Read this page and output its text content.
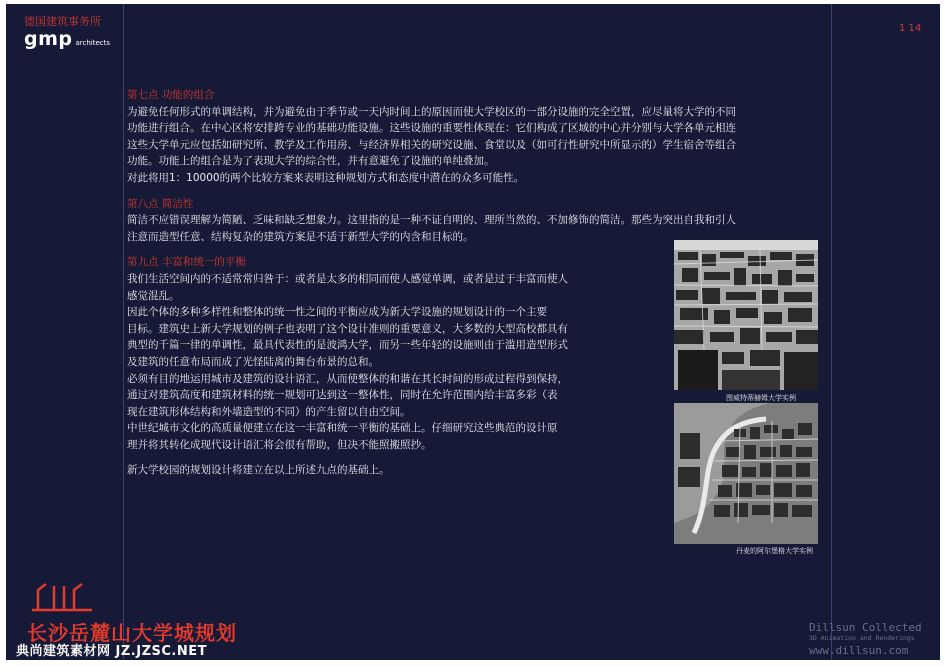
德国建筑事务所
gmp architects
1 14
第七点 功能的组合

为避免任何形式的单调结构，并为避免由于季节或一天内时间上的原因而使大学校区的一部分设施的完全空置，应尽量将大学的不同

功能进行组合。在中心区将安排跨专业的基础功能设施。这些设施的重要性体现在：它们构成了区域的中心并分别与大学各单元相连

这些大学单元应包括如研究所、教学及工作用房、与经济界相关的研究设施、食堂以及（如可行性研究中所显示的）学生宿舍等组合

功能。功能上的组合是为了表现大学的综合性，并有意避免了设施的单纯叠加。

对此将用1：10000的两个比较方案来表明这种规划方式和态度中潜在的众多可能性。

第八点 简洁性

简洁不应错误理解为简陋、乏味和缺乏想象力。这里指的是一种不证自明的、理所当然的、不加修饰的简洁。那些为突出自我和引人

注意而造型任意、结构复杂的建筑方案是不适于新型大学的内含和目标的。

第九点 丰富和统一的平衡

我们生活空间内的不适常常归咎于：或者是太多的相同而使人感觉单调，或者是过于丰富而使人

感觉混乱。

因此个体的多种多样性和整体的统一性之间的平衡应成为新大学设施的规划设计的一个主要

目标。建筑史上新大学规划的例子也表明了这个设计准则的重要意义，大多数的大型高校都具有

典型的千篇一律的单调性，最具代表性的是波鸿大学，而另一些年轻的设施则由于滥用造型形式

及建筑的任意布局而成了光怪陆离的舞台布景的总和。

必须有目的地运用城市及建筑的设计语汇，从而使整体的和谐在其长时间的形成过程得到保持，

通过对建筑高度和建筑材料的统一规划可达到这一整体性，同时在允许范围内给丰富多彩（表

现在建筑形体结构和外墙造型的不同）的产生留以自由空间。

中世纪城市文化的高质量便建立在这一丰富和统一平衡的基础上。仔细研究这些典范的设计原

理并将其转化成现代设计语汇将会很有帮助，但决不能照搬照抄。

新大学校园的规划设计将建立在以上所述九点的基础上。

图威特蒂赫姆大学实例
丹麦的阿尔堡格大学实例
长沙岳麓山大学城规划	Dillsun Collected
3D Animation and Renderings
www.dillsun.com
典尚建筑素材网 JZ.JZSC.NET
